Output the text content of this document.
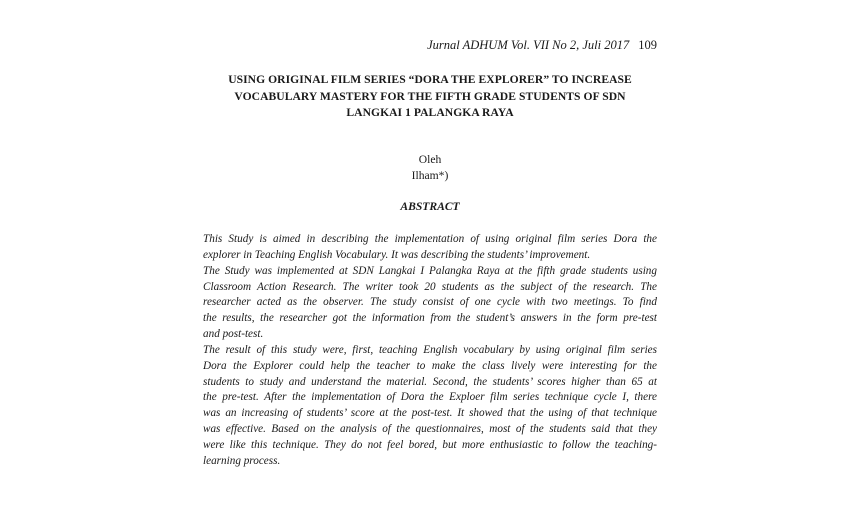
Jurnal ADHUM Vol. VII No 2, Juli 2017 109
USING ORIGINAL FILM SERIES “DORA THE EXPLORER” TO INCREASE
VOCABULARY MASTERY FOR THE FIFTH GRADE STUDENTS OF SDN
LANGKAI 1 PALANGKA RAYA
Oleh
Ilham*)
ABSTRACT
This Study is aimed in describing the implementation of using original film series Dora the
explorer in Teaching English Vocabulary. It was describing the students’ improvement.
The Study was implemented at SDN Langkai I Palangka Raya at the fifth grade students using
Classroom Action Research. The writer took 20 students as the subject of the research. The
researcher acted as the observer. The study consist of one cycle with two meetings. To find
the results, the researcher got the information from the student’s answers in the form pre-test
and post-test.
The result of this study were, first, teaching English vocabulary by using original film series
Dora the Explorer could help the teacher to make the class lively were interesting for the
students to study and understand the material. Second, the students’ scores higher than 65 at
the pre-test. After the implementation of Dora the Exploer film series technique cycle I, there
was an increasing of students’ score at the post-test. It showed that the using of that technique
was effective. Based on the analysis of the questionnaires, most of the students said that they
were like this technique. They do not feel bored, but more enthusiastic to follow the teaching-
learning process.
